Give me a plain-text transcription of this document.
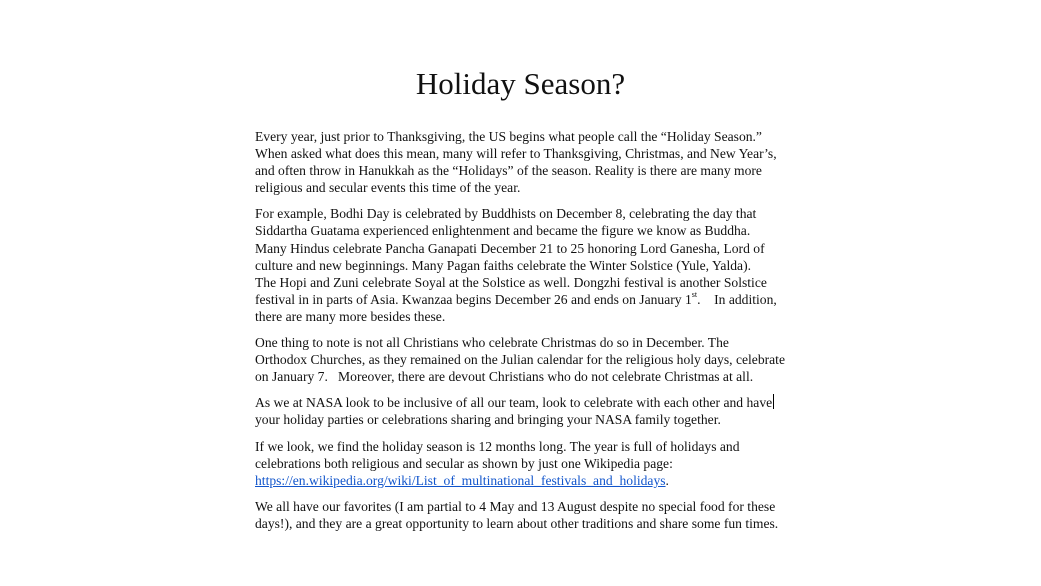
Holiday Season?

Every year, just prior to Thanksgiving, the US begins what people call the “Holiday Season.”
When asked what does this mean, many will refer to Thanksgiving, Christmas, and New Year’s,
and often throw in Hanukkah as the “Holidays” of the season. Reality is there are many more
religious and secular events this time of the year.

For example, Bodhi Day is celebrated by Buddhists on December 8, celebrating the day that
Siddartha Guatama experienced enlightenment and became the figure we know as Buddha.
Many Hindus celebrate Pancha Ganapati December 21 to 25 honoring Lord Ganesha, Lord of
culture and new beginnings. Many Pagan faiths celebrate the Winter Solstice (Yule, Yalda).
The Hopi and Zuni celebrate Soyal at the Solstice as well. Dongzhi festival is another Solstice
festival in in parts of Asia. Kwanzaa begins December 26 and ends on January 1st.    In addition,
there are many more besides these.

One thing to note is not all Christians who celebrate Christmas do so in December. The
Orthodox Churches, as they remained on the Julian calendar for the religious holy days, celebrate
on January 7.   Moreover, there are devout Christians who do not celebrate Christmas at all.

As we at NASA look to be inclusive of all our team, look to celebrate with each other and have
your holiday parties or celebrations sharing and bringing your NASA family together.

If we look, we find the holiday season is 12 months long. The year is full of holidays and
celebrations both religious and secular as shown by just one Wikipedia page:
https://en.wikipedia.org/wiki/List_of_multinational_festivals_and_holidays.

We all have our favorites (I am partial to 4 May and 13 August despite no special food for these
days!), and they are a great opportunity to learn about other traditions and share some fun times.
